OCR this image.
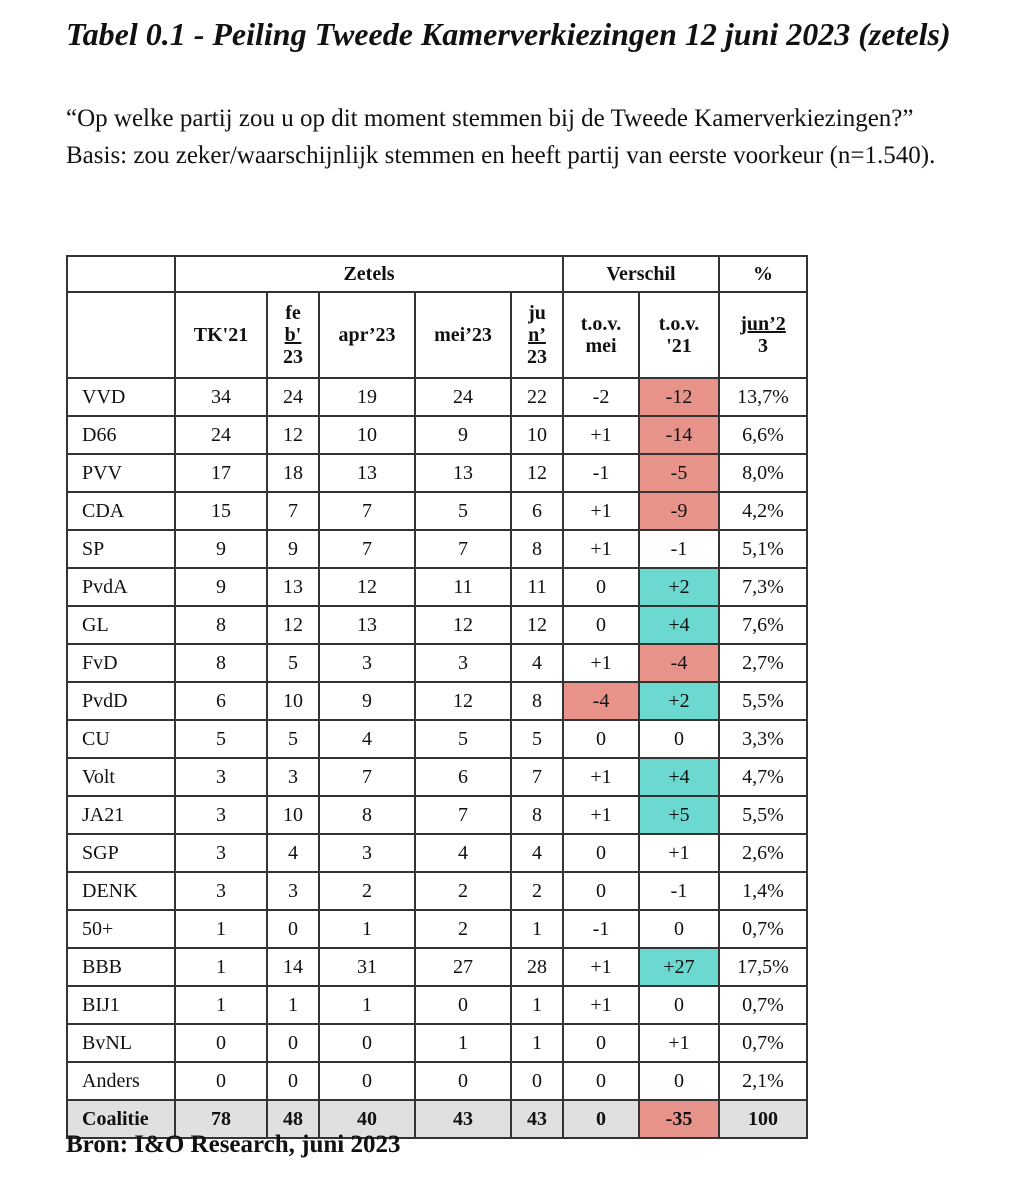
Tabel 0.1 - Peiling Tweede Kamerverkiezingen 12 juni 2023 (zetels)
“Op welke partij zou u op dit moment stemmen bij de Tweede Kamerverkiezingen?”
Basis: zou zeker/waarschijnlijk stemmen en heeft partij van eerste voorkeur (n=1.540).
	Zetels					Verschil		%
	TK'21	fe
b'
23	apr’23	mei’23	ju
n’
23	t.o.v.
mei	t.o.v.
'21	jun’2
3
VVD	34	24	19	24	22	-2	-12	13,7%
D66	24	12	10	9	10	+1	-14	6,6%
PVV	17	18	13	13	12	-1	-5	8,0%
CDA	15	7	7	5	6	+1	-9	4,2%
SP	9	9	7	7	8	+1	-1	5,1%
PvdA	9	13	12	11	11	0	+2	7,3%
GL	8	12	13	12	12	0	+4	7,6%
FvD	8	5	3	3	4	+1	-4	2,7%
PvdD	6	10	9	12	8	-4	+2	5,5%
CU	5	5	4	5	5	0	0	3,3%
Volt	3	3	7	6	7	+1	+4	4,7%
JA21	3	10	8	7	8	+1	+5	5,5%
SGP	3	4	3	4	4	0	+1	2,6%
DENK	3	3	2	2	2	0	-1	1,4%
50+	1	0	1	2	1	-1	0	0,7%
BBB	1	14	31	27	28	+1	+27	17,5%
BIJ1	1	1	1	0	1	+1	0	0,7%
BvNL	0	0	0	1	1	0	+1	0,7%
Anders	0	0	0	0	0	0	0	2,1%
Coalitie	78	48	40	43	43	0	-35	100
Bron: I&O Research, juni 2023
